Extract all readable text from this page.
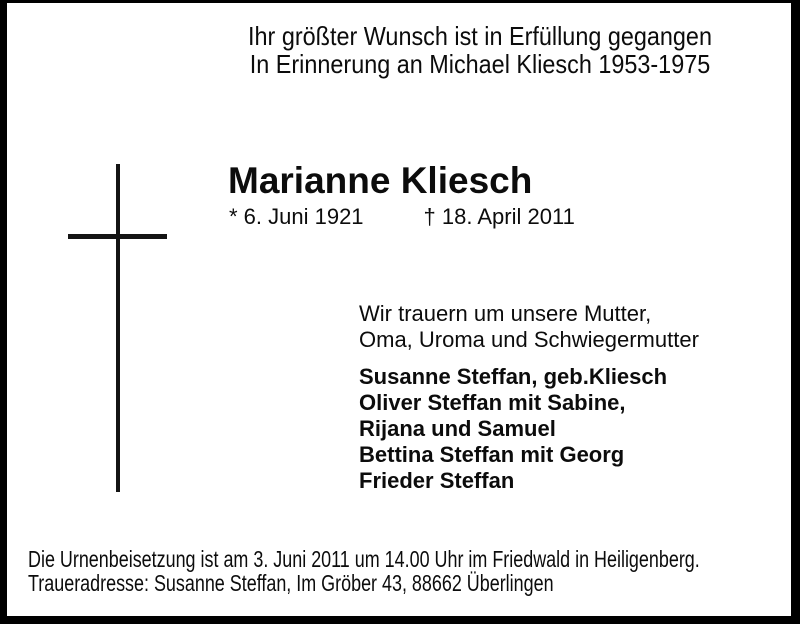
Ihr größter Wunsch ist in Erfüllung gegangen
In Erinnerung an Michael Kliesch 1953-1975
Marianne Kliesch
* 6. Juni 1921	† 18. April 2011
Wir trauern um unsere Mutter,
Oma, Uroma und Schwiegermutter
Susanne Steffan, geb.Kliesch
Oliver Steffan mit Sabine,
Rijana und Samuel
Bettina Steffan mit Georg
Frieder Steffan
Die Urnenbeisetzung ist am 3. Juni 2011 um 14.00 Uhr im Friedwald in Heiligenberg.
Traueradresse: Susanne Steffan, Im Gröber 43, 88662 Überlingen
